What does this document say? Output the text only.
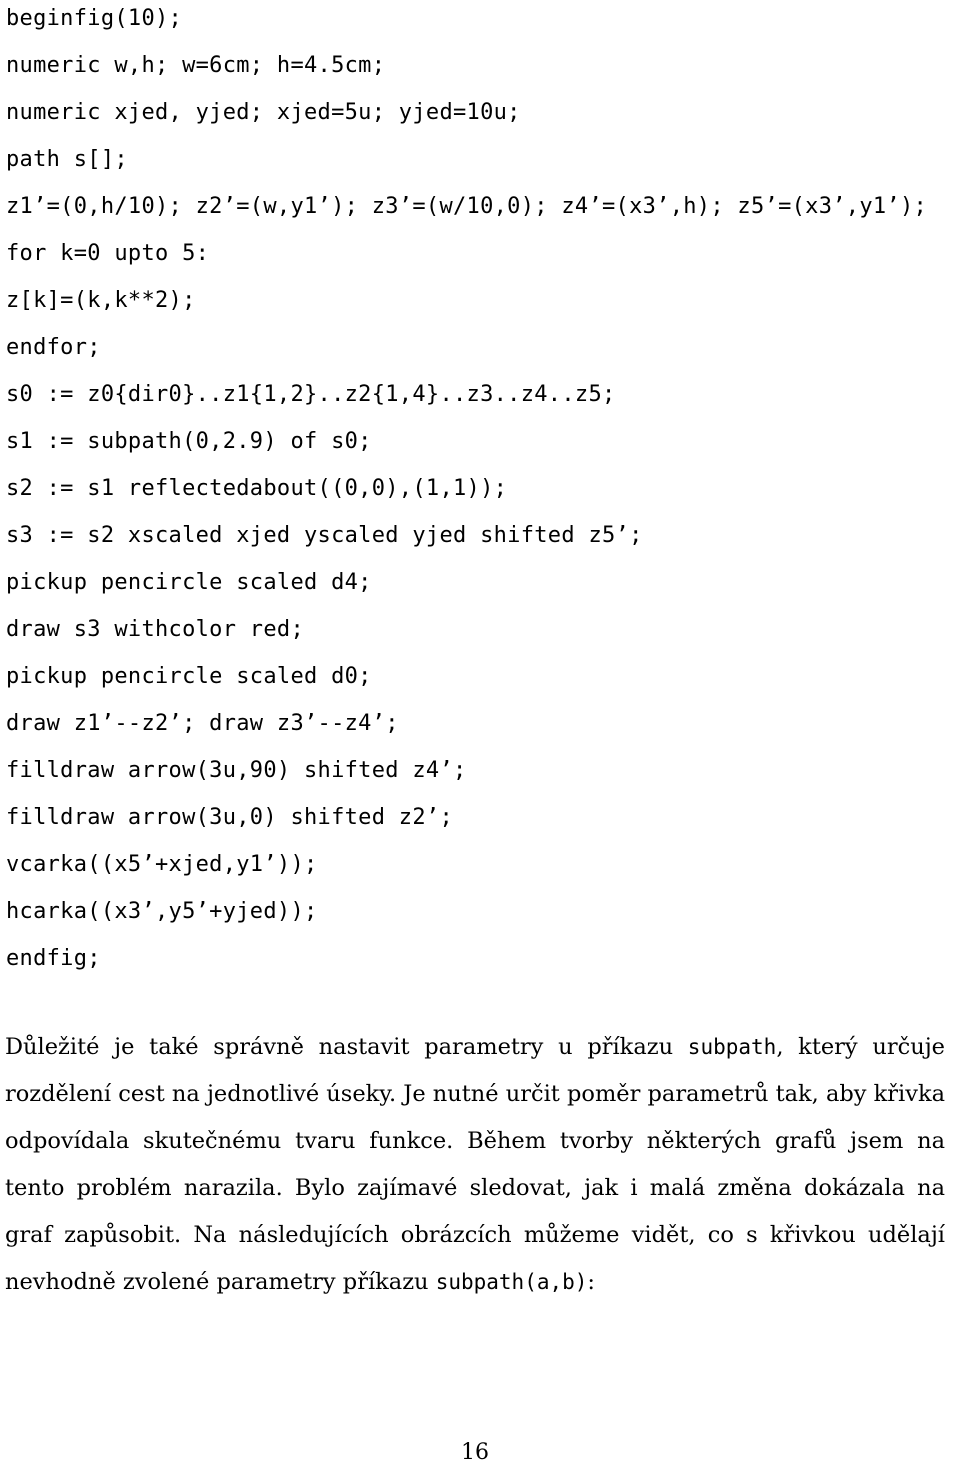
beginfig(10);
numeric w,h; w=6cm; h=4.5cm;
numeric xjed, yjed; xjed=5u; yjed=10u;
path s[];
z1’=(0,h/10); z2’=(w,y1’); z3’=(w/10,0); z4’=(x3’,h); z5’=(x3’,y1’);
for k=0 upto 5:
z[k]=(k,k**2);
endfor;
s0 := z0{dir0}..z1{1,2}..z2{1,4}..z3..z4..z5;
s1 := subpath(0,2.9) of s0;
s2 := s1 reflectedabout((0,0),(1,1));
s3 := s2 xscaled xjed yscaled yjed shifted z5’;
pickup pencircle scaled d4;
draw s3 withcolor red;
pickup pencircle scaled d0;
draw z1’--z2’; draw z3’--z4’;
filldraw arrow(3u,90) shifted z4’;
filldraw arrow(3u,0) shifted z2’;
vcarka((x5’+xjed,y1’));
hcarka((x3’,y5’+yjed));
endfig;
Důležité je také správně nastavit parametry u příkazu subpath, který určuje
rozdělení cest na jednotlivé úseky. Je nutné určit poměr parametrů tak, aby křivka
odpovídala skutečnému tvaru funkce. Během tvorby některých grafů jsem na
tento problém narazila. Bylo zajímavé sledovat, jak i malá změna dokázala na
graf zapůsobit. Na následujících obrázcích můžeme vidět, co s křivkou udělají
nevhodně zvolené parametry příkazu subpath(a,b):
16
